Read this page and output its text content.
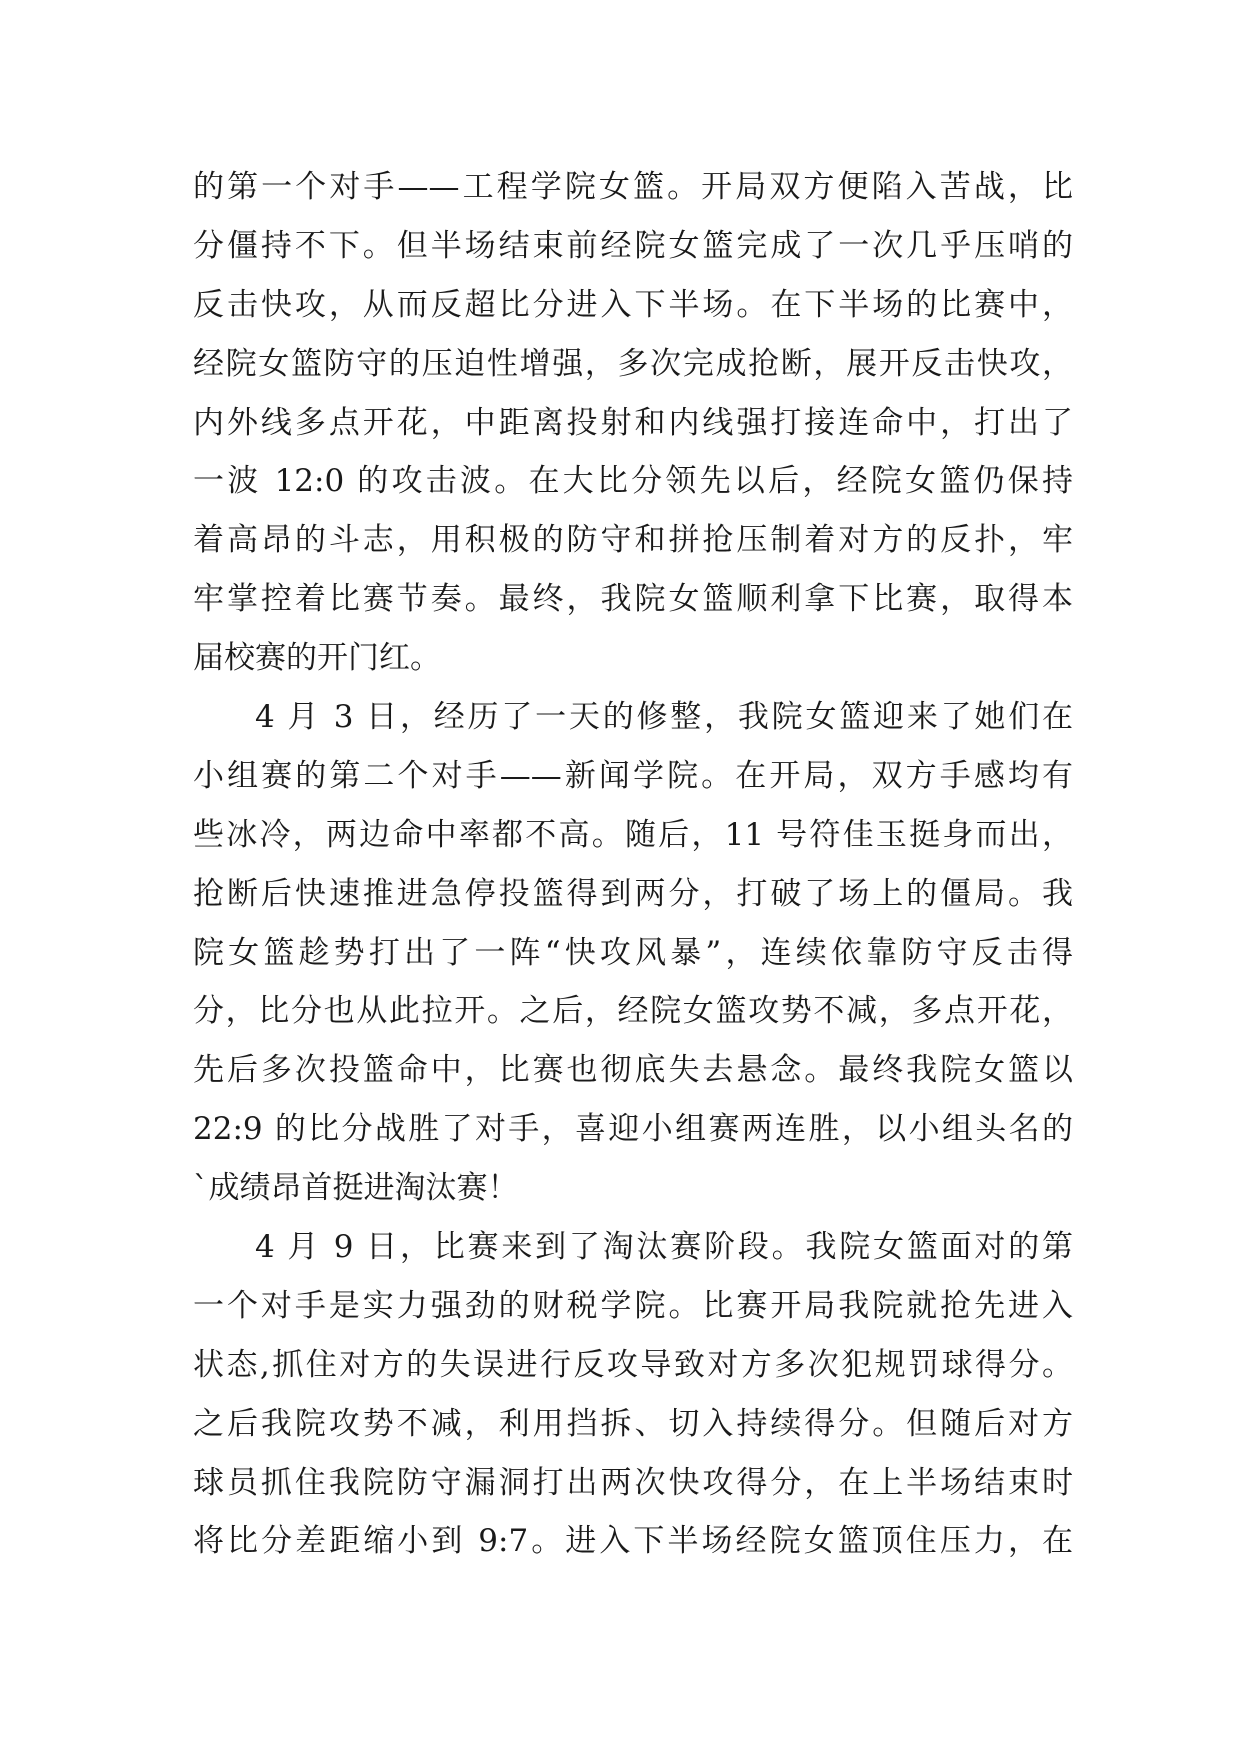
的第一个对手——工程学院女篮。开局双方便陷入苦战，比
分僵持不下。但半场结束前经院女篮完成了一次几乎压哨的
反击快攻，从而反超比分进入下半场。在下半场的比赛中，
经院女篮防守的压迫性增强，多次完成抢断，展开反击快攻，
内外线多点开花，中距离投射和内线强打接连命中，打出了
一波 12:0 的攻击波。在大比分领先以后，经院女篮仍保持
着高昂的斗志，用积极的防守和拼抢压制着对方的反扑，牢
牢掌控着比赛节奏。最终，我院女篮顺利拿下比赛，取得本
届校赛的开门红。
4 月 3 日，经历了一天的修整，我院女篮迎来了她们在
小组赛的第二个对手——新闻学院。在开局，双方手感均有
些冰冷，两边命中率都不高。随后，11 号符佳玉挺身而出，
抢断后快速推进急停投篮得到两分，打破了场上的僵局。我
院女篮趁势打出了一阵“快攻风暴”，连续依靠防守反击得
分，比分也从此拉开。之后，经院女篮攻势不减，多点开花，
先后多次投篮命中，比赛也彻底失去悬念。最终我院女篮以
22:9 的比分战胜了对手，喜迎小组赛两连胜，以小组头名的
`成绩昂首挺进淘汰赛！
4 月 9 日，比赛来到了淘汰赛阶段。我院女篮面对的第
一个对手是实力强劲的财税学院。比赛开局我院就抢先进入
状态,抓住对方的失误进行反攻导致对方多次犯规罚球得分。
之后我院攻势不减，利用挡拆、切入持续得分。但随后对方
球员抓住我院防守漏洞打出两次快攻得分，在上半场结束时
将比分差距缩小到 9:7。进入下半场经院女篮顶住压力，在
